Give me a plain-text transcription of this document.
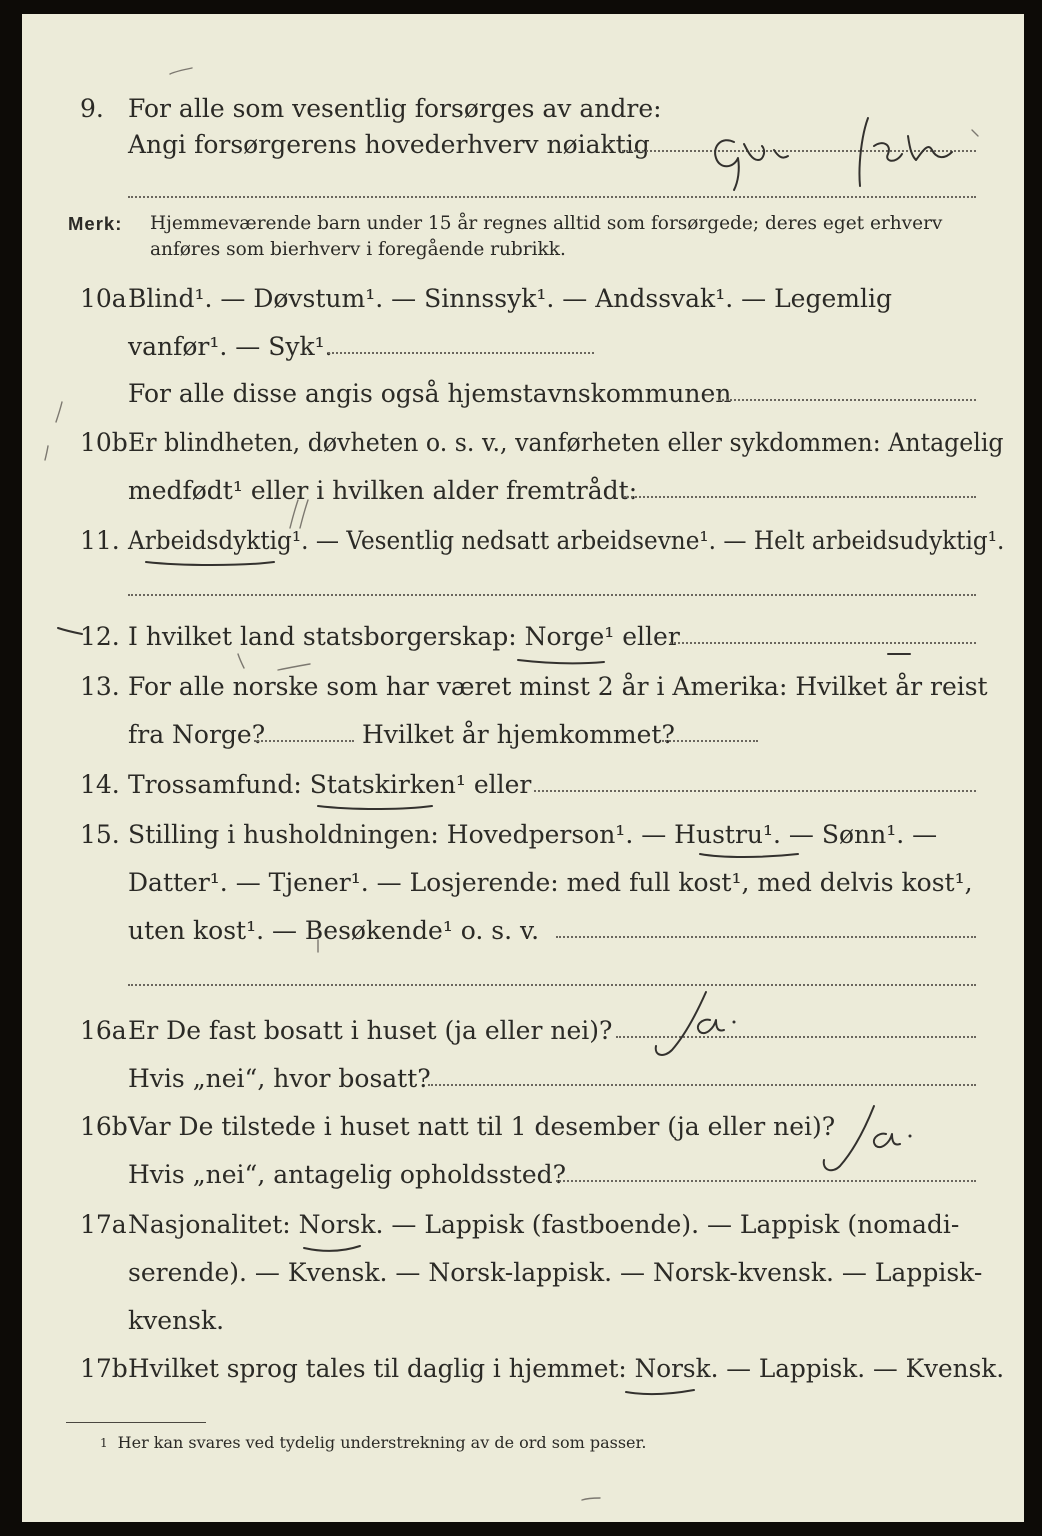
9. For alle som vesentlig forsørges av andre:
Angi forsørgerens hovederhverv nøiaktig
Merk: Hjemmeværende barn under 15 år regnes alltid som forsørgede; deres eget erhverv
anføres som bierhverv i foregående rubrikk.
10a Blind¹. — Døvstum¹. — Sinnssyk¹. — Andssvak¹. — Legemlig
vanfør¹. — Syk¹.
For alle disse angis også hjemstavnskommunen
10b Er blindheten, døvheten o. s. v., vanførheten eller sykdommen: Antagelig
medfødt¹ eller i hvilken alder fremtrådt:
11. Arbeidsdyktig¹. — Vesentlig nedsatt arbeidsevne¹. — Helt arbeidsudyktig¹.
12. I hvilket land statsborgerskap: Norge¹ eller
13. For alle norske som har været minst 2 år i Amerika: Hvilket år reist
fra Norge?	Hvilket år hjemkommet?
14. Trossamfund: Statskirken¹ eller
15. Stilling i husholdningen: Hovedperson¹. — Hustru¹. — Sønn¹. —
Datter¹. — Tjener¹. — Losjerende: med full kost¹, med delvis kost¹,
uten kost¹. — Besøkende¹ o. s. v.
16a Er De fast bosatt i huset (ja eller nei)?
Hvis „nei“, hvor bosatt?
16b Var De tilstede i huset natt til 1 desember (ja eller nei)?
Hvis „nei“, antagelig opholdssted?
17a Nasjonalitet: Norsk. — Lappisk (fastboende). — Lappisk (nomadi-
serende). — Kvensk. — Norsk-lappisk. — Norsk-kvensk. — Lappisk-
kvensk.
17b Hvilket sprog tales til daglig i hjemmet: Norsk. — Lappisk. — Kvensk.
$^1$ Her kan svares ved tydelig understrekning av de ord som passer.
